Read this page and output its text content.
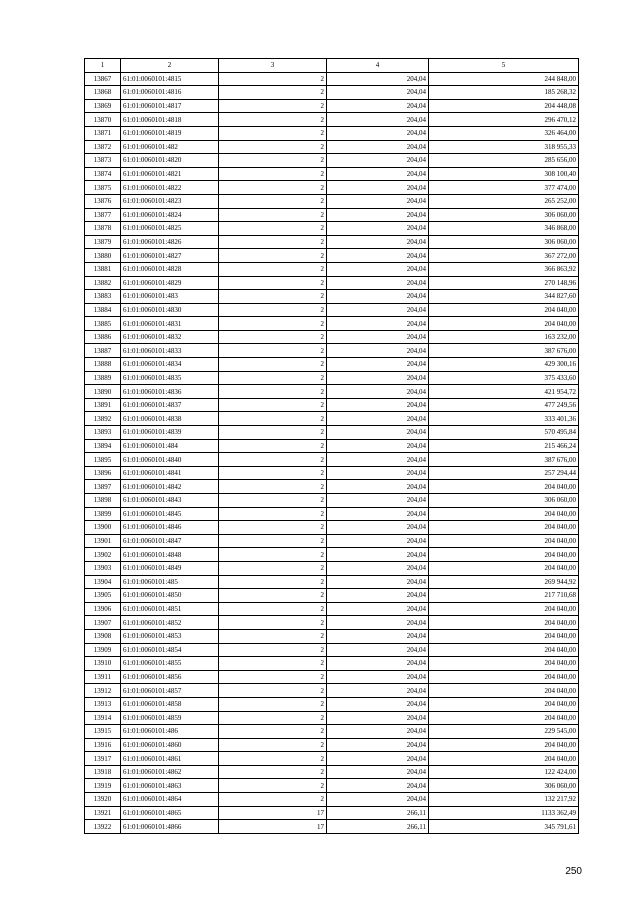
1	2	3	4	5
13867	61:01:0060101:4815	2	204,04	244 848,00
13868	61:01:0060101:4816	2	204,04	185 268,32
13869	61:01:0060101:4817	2	204,04	204 448,08
13870	61:01:0060101:4818	2	204,04	296 470,12
13871	61:01:0060101:4819	2	204,04	326 464,00
13872	61:01:0060101:482	2	204,04	318 955,33
13873	61:01:0060101:4820	2	204,04	285 656,00
13874	61:01:0060101:4821	2	204,04	308 100,40
13875	61:01:0060101:4822	2	204,04	377 474,00
13876	61:01:0060101:4823	2	204,04	265 252,00
13877	61:01:0060101:4824	2	204,04	306 060,00
13878	61:01:0060101:4825	2	204,04	346 868,00
13879	61:01:0060101:4826	2	204,04	306 060,00
13880	61:01:0060101:4827	2	204,04	367 272,00
13881	61:01:0060101:4828	2	204,04	366 863,92
13882	61:01:0060101:4829	2	204,04	270 148,96
13883	61:01:0060101:483	2	204,04	344 827,60
13884	61:01:0060101:4830	2	204,04	204 040,00
13885	61:01:0060101:4831	2	204,04	204 040,00
13886	61:01:0060101:4832	2	204,04	163 232,00
13887	61:01:0060101:4833	2	204,04	387 676,00
13888	61:01:0060101:4834	2	204,04	429 300,16
13889	61:01:0060101:4835	2	204,04	375 433,60
13890	61:01:0060101:4836	2	204,04	421 954,72
13891	61:01:0060101:4837	2	204,04	477 249,56
13892	61:01:0060101:4838	2	204,04	333 401,36
13893	61:01:0060101:4839	2	204,04	570 495,84
13894	61:01:0060101:484	2	204,04	215 466,24
13895	61:01:0060101:4840	2	204,04	387 676,00
13896	61:01:0060101:4841	2	204,04	257 294,44
13897	61:01:0060101:4842	2	204,04	204 040,00
13898	61:01:0060101:4843	2	204,04	306 060,00
13899	61:01:0060101:4845	2	204,04	204 040,00
13900	61:01:0060101:4846	2	204,04	204 040,00
13901	61:01:0060101:4847	2	204,04	204 040,00
13902	61:01:0060101:4848	2	204,04	204 040,00
13903	61:01:0060101:4849	2	204,04	204 040,00
13904	61:01:0060101:485	2	204,04	269 944,92
13905	61:01:0060101:4850	2	204,04	217 710,68
13906	61:01:0060101:4851	2	204,04	204 040,00
13907	61:01:0060101:4852	2	204,04	204 040,00
13908	61:01:0060101:4853	2	204,04	204 040,00
13909	61:01:0060101:4854	2	204,04	204 040,00
13910	61:01:0060101:4855	2	204,04	204 040,00
13911	61:01:0060101:4856	2	204,04	204 040,00
13912	61:01:0060101:4857	2	204,04	204 040,00
13913	61:01:0060101:4858	2	204,04	204 040,00
13914	61:01:0060101:4859	2	204,04	204 040,00
13915	61:01:0060101:486	2	204,04	229 545,00
13916	61:01:0060101:4860	2	204,04	204 040,00
13917	61:01:0060101:4861	2	204,04	204 040,00
13918	61:01:0060101:4862	2	204,04	122 424,00
13919	61:01:0060101:4863	2	204,04	306 060,00
13920	61:01:0060101:4864	2	204,04	132 217,92
13921	61:01:0060101:4865	17	266,11	1133 362,49
13922	61:01:0060101:4866	17	266,11	345 791,61
250
